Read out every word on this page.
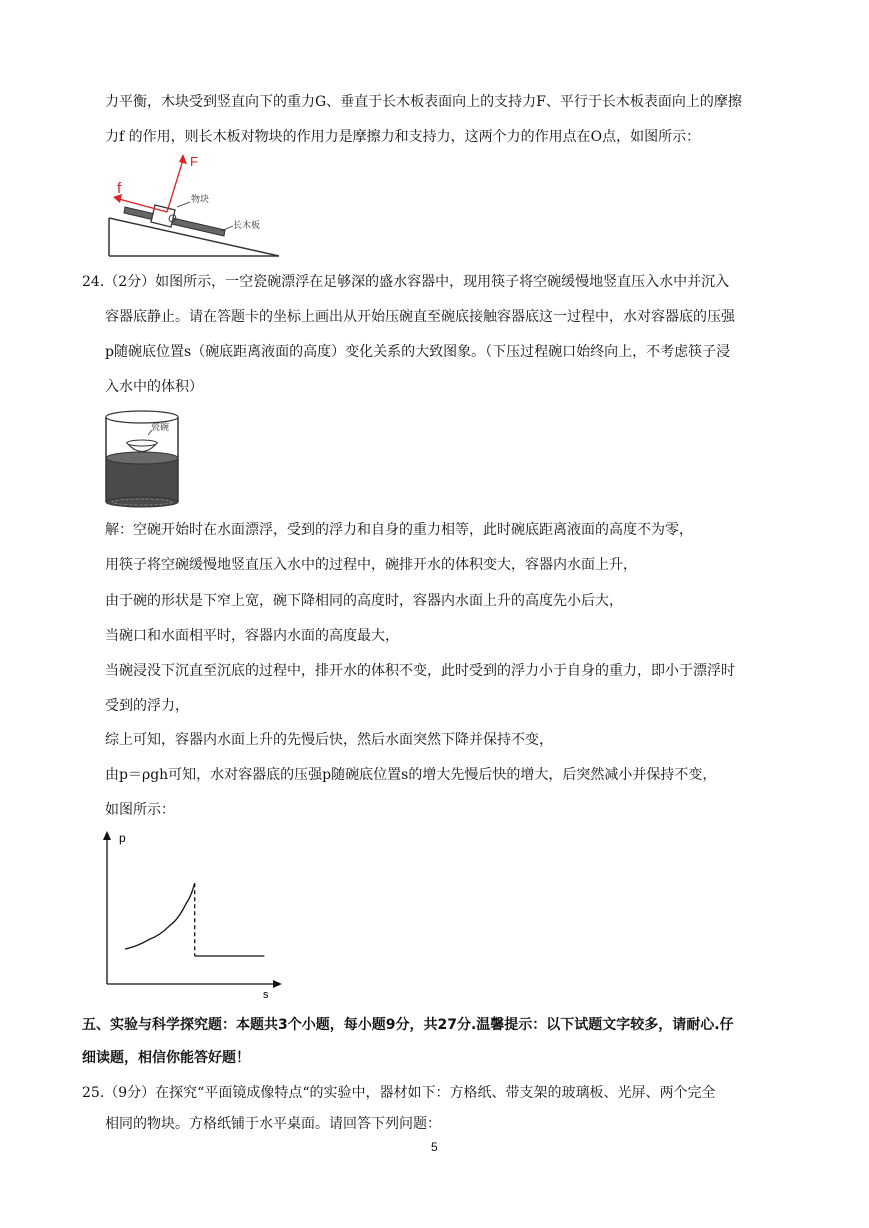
力平衡，木块受到竖直向下的重力G、垂直于长木板表面向上的支持力F、平行于长木板表面向上的摩擦
力f 的作用，则长木板对物块的作用力是摩擦力和支持力，这两个力的作用点在O点，如图所示：
F
f
O
物块
长木板
24.（2分）如图所示，一空瓷碗漂浮在足够深的盛水容器中，现用筷子将空碗缓慢地竖直压入水中并沉入
容器底静止。请在答题卡的坐标上画出从开始压碗直至碗底接触容器底这一过程中，水对容器底的压强
p随碗底位置s（碗底距离液面的高度）变化关系的大致图象。（下压过程碗口始终向上，不考虑筷子浸
入水中的体积）
瓷碗
解：空碗开始时在水面漂浮，受到的浮力和自身的重力相等，此时碗底距离液面的高度不为零，
用筷子将空碗缓慢地竖直压入水中的过程中，碗排开水的体积变大，容器内水面上升，
由于碗的形状是下窄上宽，碗下降相同的高度时，容器内水面上升的高度先小后大，
当碗口和水面相平时，容器内水面的高度最大，
当碗浸没下沉直至沉底的过程中，排开水的体积不变，此时受到的浮力小于自身的重力，即小于漂浮时
受到的浮力，
综上可知，容器内水面上升的先慢后快，然后水面突然下降并保持不变，
由p＝ρgh可知，水对容器底的压强p随碗底位置s的增大先慢后快的增大，后突然减小并保持不变，
如图所示：
p
s
五、实验与科学探究题：本题共3个小题，每小题9分，共27分.温馨提示：以下试题文字较多，请耐心.仔
细读题，相信你能答好题！
25.（9分）在探究“平面镜成像特点“的实验中，器材如下：方格纸、带支架的玻璃板、光屏、两个完全
相同的物块。方格纸铺于水平桌面。请回答下列问题：
5
